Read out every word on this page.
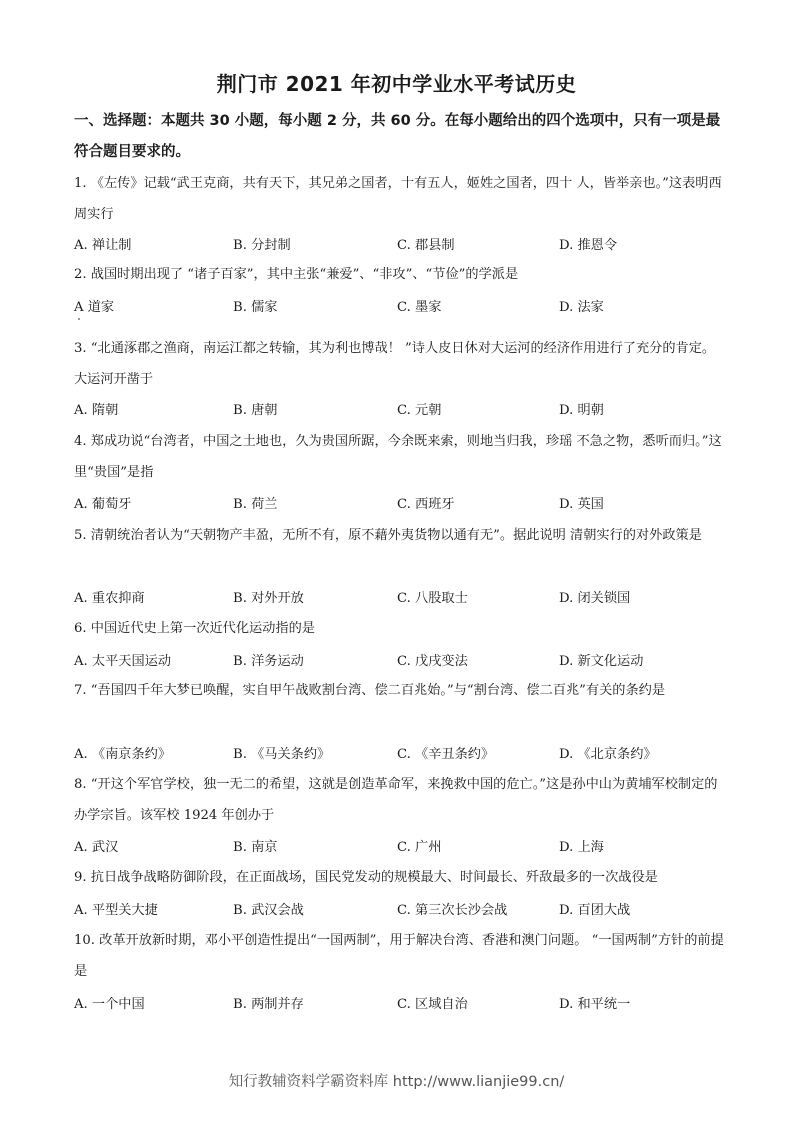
荆门市 2021 年初中学业水平考试历史
一、选择题：本题共 30 小题，每小题 2 分，共 60 分。在每小题给出的四个选项中，只有一项是最符合题目要求的。
1. 《左传》记载“武王克商，共有天下，其兄弟之国者，十有五人，姬姓之国者，四十 人，皆举亲也。”这表明西周实行
A. 禅让制	B. 分封制	C. 郡县制	D. 推恩令
2. 战国时期出现了 “诸子百家”，其中主张“兼爱”、“非攻”、“节俭”的学派是
A 道家	B. 儒家	C. 墨家	D. 法家
3. “北通涿郡之渔商，南运江都之转输，其为利也博哉！ ”诗人皮日休对大运河的经济作用进行了充分的肯定。大运河开凿于
A. 隋朝	B. 唐朝	C. 元朝	D. 明朝
4. 郑成功说“台湾者，中国之土地也，久为贵国所踞，今余既来索，则地当归我，珍瑶 不急之物，悉听而归。”这里“贵国”是指
A. 葡萄牙	B. 荷兰	C. 西班牙	D. 英国
5. 清朝统治者认为“天朝物产丰盈，无所不有，原不藉外夷货物以通有无”。据此说明 清朝实行的对外政策是
A. 重农抑商	B. 对外开放	C. 八股取士	D. 闭关锁国
6. 中国近代史上第一次近代化运动指的是
A. 太平天国运动	B. 洋务运动	C. 戊戌变法	D. 新文化运动
7. “吾国四千年大梦已唤醒，实自甲午战败割台湾、偿二百兆始。”与“割台湾、偿二百兆”有关的条约是
A. 《南京条约》	B. 《马关条约》	C. 《辛丑条约》	D. 《北京条约》
8. “开这个军官学校，独一无二的希望，这就是创造革命军，来挽救中国的危亡。”这是孙中山为黄埔军校制定的办学宗旨。该军校 1924 年创办于
A. 武汉	B. 南京	C. 广州	D. 上海
9. 抗日战争战略防御阶段，在正面战场，国民党发动的规模最大、时间最长、歼敌最多的一次战役是
A. 平型关大捷	B. 武汉会战	C. 第三次长沙会战	D. 百团大战
10. 改革开放新时期，邓小平创造性提出“一国两制”，用于解决台湾、香港和澳门问题。 “一国两制”方针的前提是
A. 一个中国	B. 两制并存	C. 区域自治	D. 和平统一
知行教辅资料学霸资料库 http://www.lianjie99.cn/
